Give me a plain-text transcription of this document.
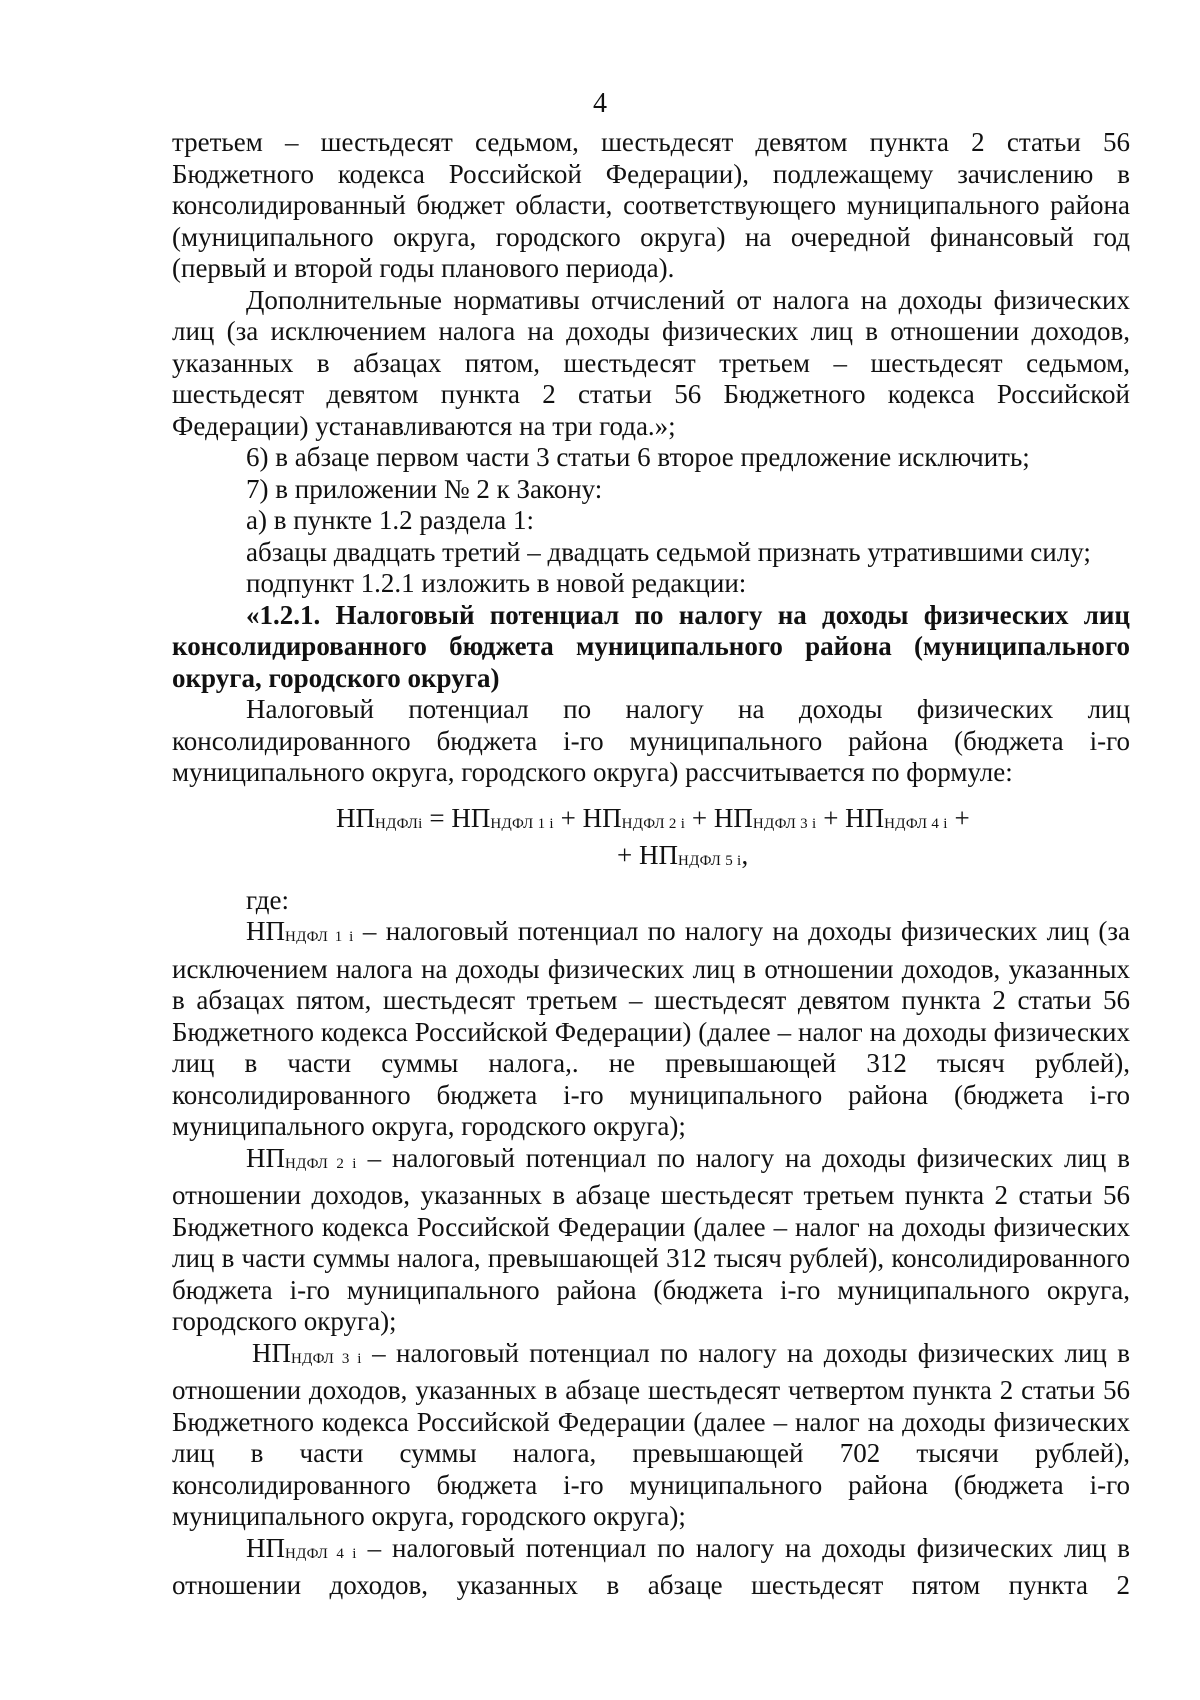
4

третьем – шестьдесят седьмом, шестьдесят девятом пункта 2 статьи 56 Бюджетного кодекса Российской Федерации), подлежащему зачислению в консолидированный бюджет области, соответствующего муниципального района (муниципального округа, городского округа) на очередной финансовый год (первый и второй годы планового периода).

Дополнительные нормативы отчислений от налога на доходы физических лиц (за исключением налога на доходы физических лиц в отношении доходов, указанных в абзацах пятом, шестьдесят третьем – шестьдесят седьмом, шестьдесят девятом пункта 2 статьи 56 Бюджетного кодекса Российской Федерации) устанавливаются на три года.»;

6) в абзаце первом части 3 статьи 6 второе предложение исключить;

7) в приложении № 2 к Закону:

а) в пункте 1.2 раздела 1:

абзацы двадцать третий – двадцать седьмой признать утратившими силу;

подпункт 1.2.1 изложить в новой редакции:

«1.2.1. Налоговый потенциал по налогу на доходы физических лиц консолидированного бюджета муниципального района (муниципального округа, городского округа)

Налоговый потенциал по налогу на доходы физических лиц консолидированного бюджета i-го муниципального района (бюджета i-го муниципального округа, городского округа) рассчитывается по формуле:

НПНДФЛi = НПНДФЛ 1 i + НПНДФЛ 2 i + НПНДФЛ 3 i + НПНДФЛ 4 i +
+ НПНДФЛ 5 i,

где:

НПНДФЛ 1 i – налоговый потенциал по налогу на доходы физических лиц (за исключением налога на доходы физических лиц в отношении доходов, указанных в абзацах пятом, шестьдесят третьем – шестьдесят девятом пункта 2 статьи 56 Бюджетного кодекса Российской Федерации) (далее – налог на доходы физических лиц в части суммы налога,. не превышающей 312 тысяч рублей), консолидированного бюджета i-го муниципального района (бюджета i-го муниципального округа, городского округа);

НПНДФЛ 2 i – налоговый потенциал по налогу на доходы физических лиц в отношении доходов, указанных в абзаце шестьдесят третьем пункта 2 статьи 56 Бюджетного кодекса Российской Федерации (далее – налог на доходы физических лиц в части суммы налога, превышающей 312 тысяч рублей), консолидированного бюджета i-го муниципального района (бюджета i-го муниципального округа, городского округа);

НПНДФЛ 3 i – налоговый потенциал по налогу на доходы физических лиц в отношении доходов, указанных в абзаце шестьдесят четвертом пункта 2 статьи 56 Бюджетного кодекса Российской Федерации (далее – налог на доходы физических лиц в части суммы налога, превышающей 702 тысячи рублей), консолидированного бюджета i-го муниципального района (бюджета i-го муниципального округа, городского округа);

НПНДФЛ 4 i – налоговый потенциал по налогу на доходы физических лиц в отношении доходов, указанных в абзаце шестьдесят пятом пункта 2
